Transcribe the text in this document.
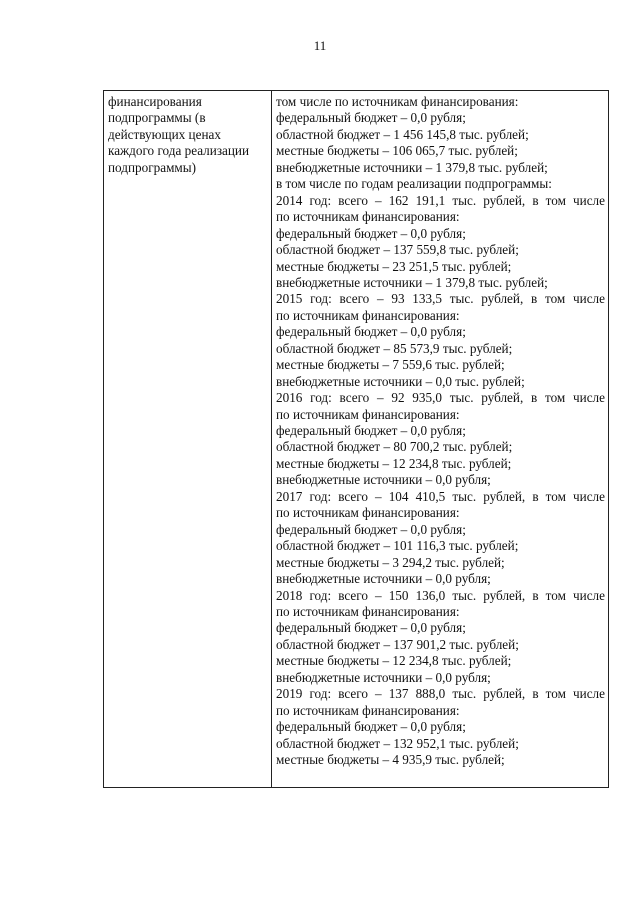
11
финансирования
подпрограммы (в
действующих ценах
каждого года реализации
подпрограммы)
том числе по источникам финансирования:
федеральный бюджет – 0,0 рубля;
областной бюджет – 1 456 145,8 тыс. рублей;
местные бюджеты – 106 065,7 тыс. рублей;
внебюджетные источники – 1 379,8 тыс. рублей;
в том числе по годам реализации подпрограммы:
2014 год: всего – 162 191,1 тыс. рублей, в том числе
по источникам финансирования:
федеральный бюджет – 0,0 рубля;
областной бюджет – 137 559,8 тыс. рублей;
местные бюджеты – 23 251,5 тыс. рублей;
внебюджетные источники – 1 379,8 тыс. рублей;
2015 год: всего – 93 133,5 тыс. рублей, в том числе
по источникам финансирования:
федеральный бюджет – 0,0 рубля;
областной бюджет – 85 573,9 тыс. рублей;
местные бюджеты – 7 559,6 тыс. рублей;
внебюджетные источники – 0,0 тыс. рублей;
2016 год: всего – 92 935,0 тыс. рублей, в том числе
по источникам финансирования:
федеральный бюджет – 0,0 рубля;
областной бюджет – 80 700,2 тыс. рублей;
местные бюджеты – 12 234,8 тыс. рублей;
внебюджетные источники – 0,0 рубля;
2017 год: всего – 104 410,5 тыс. рублей, в том числе
по источникам финансирования:
федеральный бюджет – 0,0 рубля;
областной бюджет – 101 116,3 тыс. рублей;
местные бюджеты – 3 294,2 тыс. рублей;
внебюджетные источники – 0,0 рубля;
2018 год: всего – 150 136,0 тыс. рублей, в том числе
по источникам финансирования:
федеральный бюджет – 0,0 рубля;
областной бюджет – 137 901,2 тыс. рублей;
местные бюджеты – 12 234,8 тыс. рублей;
внебюджетные источники – 0,0 рубля;
2019 год: всего – 137 888,0 тыс. рублей, в том числе
по источникам финансирования:
федеральный бюджет – 0,0 рубля;
областной бюджет – 132 952,1 тыс. рублей;
местные бюджеты – 4 935,9 тыс. рублей;
